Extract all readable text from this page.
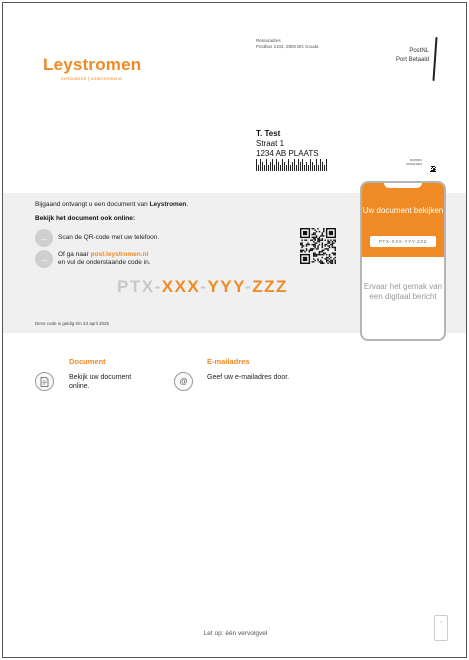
Leystromen
verbindend | ondernemend
Retouradres
Postbus 2104, 2800 BG Gouda
PostNL
Port Betaald
T. Test
Straat 1
1234 AB PLAATS
DD/0001
0001/11002
Bijgaand ontvangt u een document van Leystromen.
Bekijk het document ook online:
→	Scan de QR-code met uw telefoon.
→	Of ga naar post.leystromen.nl
en vul de onderstaande code in.
PTX-XXX-YYY-ZZZ
Deze code is geldig t/m 23 april 2025
Uw document bekijken
PTX-XXX-YYY-ZZZ
Ervaar het gemak van een digitaal bericht
Document
Bekijk uw document online.
E-mailadres
@	Geef uw e-mailadres door.
Let op: één vervolgvel
♲
